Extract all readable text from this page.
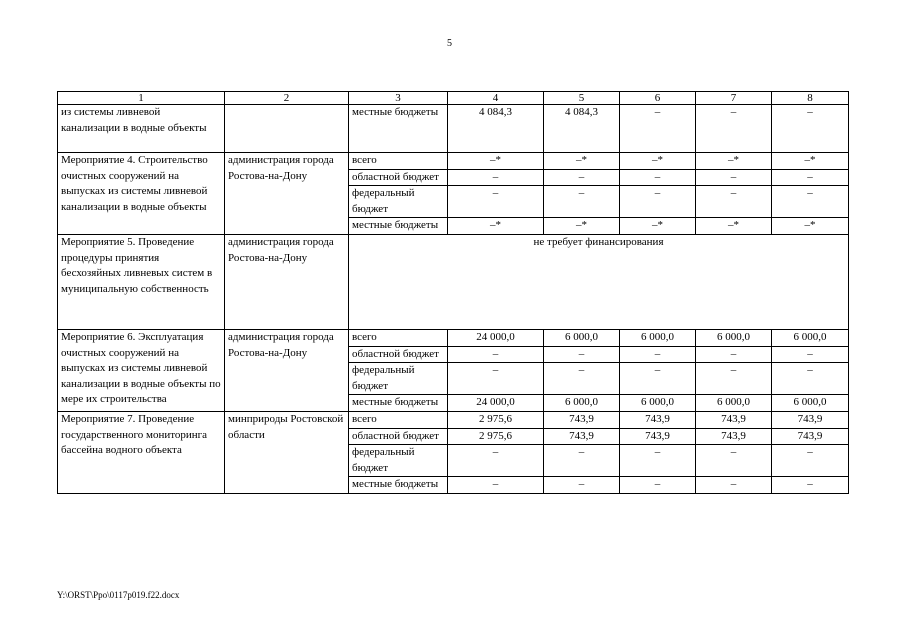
5
1	2	3	4	5	6	7	8
из системы ливневой канализации в водные объекты		местные бюджеты	4 084,3	4 084,3	–	–	–
Мероприятие 4. Строительство очистных сооружений на выпусках из системы ливневой канализации в водные объекты	администрация города Ростова-на-Дону	всего	–*	–*	–*	–*	–*
		областной бюджет	–	–	–	–	–
		федеральный бюджет	–	–	–	–	–
		местные бюджеты	–*	–*	–*	–*	–*
Мероприятие 5. Проведение процедуры принятия бесхозяйных ливневых систем в муниципальную собственность	администрация города Ростова-на-Дону	не требует финансирования					
Мероприятие 6. Эксплуатация очистных сооружений на выпусках из системы ливневой канализации в водные объекты по мере их строительства	администрация города Ростова-на-Дону	всего	24 000,0	6 000,0	6 000,0	6 000,0	6 000,0
		областной бюджет	–	–	–	–	–
		федеральный бюджет	–	–	–	–	–
		местные бюджеты	24 000,0	6 000,0	6 000,0	6 000,0	6 000,0
Мероприятие 7. Проведение государственного мониторинга бассейна водного объекта	минприроды Ростовской области	всего	2 975,6	743,9	743,9	743,9	743,9
		областной бюджет	2 975,6	743,9	743,9	743,9	743,9
		федеральный бюджет	–	–	–	–	–
		местные бюджеты	–	–	–	–	–
Y:\ORST\Ppo\0117p019.f22.docx
